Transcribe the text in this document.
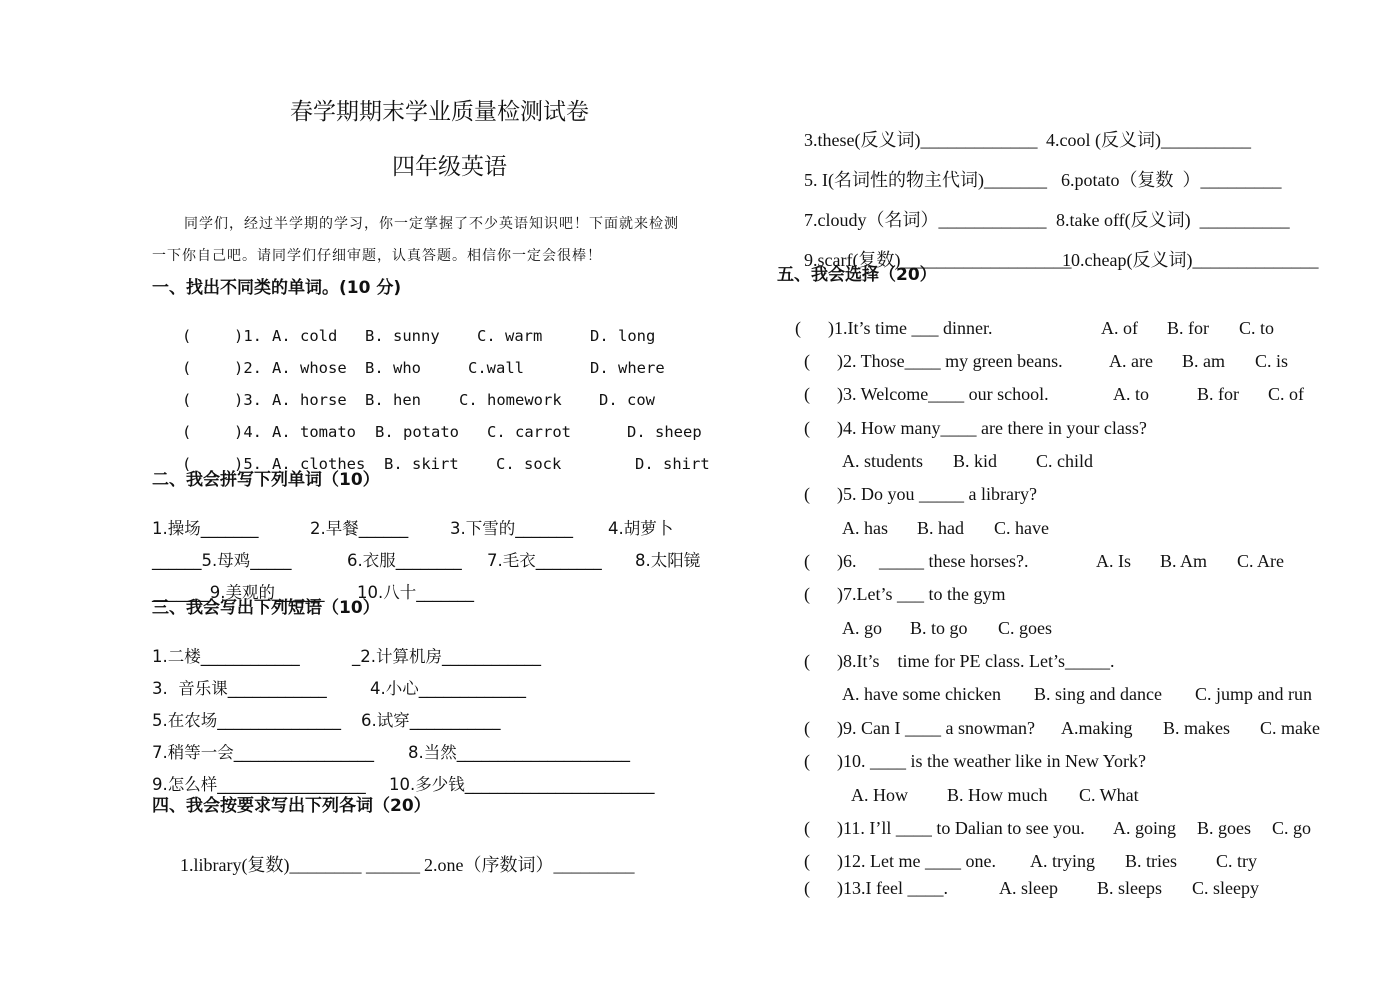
春学期期末学业质量检测试卷
四年级英语
同学们，经过半学期的学习，你一定掌握了不少英语知识吧！下面就来检测
一下你自己吧。请同学们仔细审题，认真答题。相信你一定会很棒！
一、找出不同类的单词。(10 分)

(	)1. A. cold B. sunny C. warm	D. long

(	)2. A. whose B. who	C.wall	D. where

(	)3. A. horse B. hen C. homework D. cow

(	)4. A. tomato B. potato C. carrot	D. sheep

(	)5. A. clothes B. skirt C. sock	D. shirt

二、我会拼写下列单词（10）

1.操场_______	2.早餐______	3.下雪的_______ 4.胡萝卜

______5.母鸡_____	6.衣服________ 7.毛衣________ 8.太阳镜

_______9.美观的______ 10.八十_______

三、我会写出下列短语（10）

1.二楼____________	_2.计算机房____________

3.  音乐课____________	4.小心_____________

5.在农场_______________ 6.试穿___________

7.稍等一会_________________ 8.当然_____________________

9.怎么样__________________ 10.多少钱_______________________

四、我会按要求写出下列各词（20）

1.library(复数)________ ______ 2.one（序数词）_________

3.these(反义词)_____________ 4.cool (反义词)__________

5. I(名词性的物主代词)_______ 6.potato（复数  ）_________

7.cloudy（名词）____________ 8.take off(反义词)  __________

9.scarf(复数)___________________
10.cheap(反义词)______________

五、我会选择（20）

( )1.It’s time ___ dinner.	A. of B. for C. to

( )2. Those____ my green beans.	A. are B. am C. is

( )3. Welcome____ our school.	A. to	B. for C. of

( )4. How many____ are there in your class?

A. students B. kid C. child

( )5. Do you _____ a library?

A. has B. had C. have

( )6.     _____ these horses?.	A. Is B. Am C. Are

( )7.Let’s ___ to the gym

A. go B. to go C. goes

( )8.It’s    time for PE class. Let’s_____.

A. have some chicken B. sing and dance C. jump and run

( )9. Can I ____ a snowman? A.making B. makes C. make

( )10. ____ is the weather like in New York?

A. How B. How much C. What

( )11. I’ll ____ to Dalian to see you. A. going B. goes C. go

( )12. Let me ____ one. A. trying B. tries C. try

( )13.I feel ____.	A. sleep B. sleeps C. sleepy
